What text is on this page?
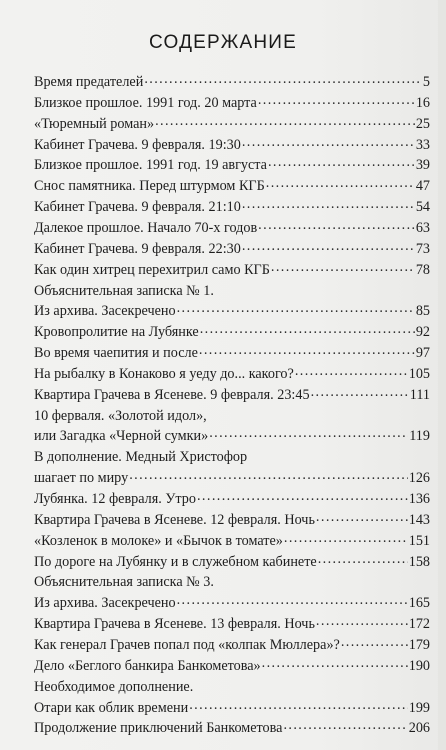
СОДЕРЖАНИЕ
Время предателей .....	5
Близкое прошлое. 1991 год. 20 марта .....	16
«Тюремный роман» .....	25
Кабинет Грачева. 9 февраля. 19:30 .....	33
Близкое прошлое. 1991 год. 19 августа .....	39
Снос памятника. Перед штурмом КГБ .....	47
Кабинет Грачева. 9 февраля. 21:10 .....	54
Далекое прошлое. Начало 70-х годов .....	63
Кабинет Грачева. 9 февраля. 22:30 .....	73
Как один хитрец перехитрил само КГБ .....	78
Объяснительная записка № 1.
Из архива. Засекречено .....	85
Кровопролитие на Лубянке .....	92
Во время чаепития и после .....	97
На рыбалку в Конаково я уеду до... какого? .....	105
Квартира Грачева в Ясеневе. 9 февраля. 23:45 .....	111
10 ферваля. «Золотой идол»,
или Загадка «Черной сумки» .....	119
В дополнение. Медный Христофор
шагает по миру .....	126
Лубянка. 12 февраля. Утро .....	136
Квартира Грачева в Ясеневе. 12 февраля. Ночь .....	143
«Козленок в молоке» и «Бычок в томате» .....	151
По дороге на Лубянку и в служебном кабинете .....	158
Объяснительная записка № 3.
Из архива. Засекречено .....	165
Квартира Грачева в Ясеневе. 13 февраля. Ночь .....	172
Как генерал Грачев попал под «колпак Мюллера»? .....	179
Дело «Беглого банкира Банкометова» .....	190
Необходимое дополнение.
Отари как облик времени .....	199
Продолжение приключений Банкометова .....	206
